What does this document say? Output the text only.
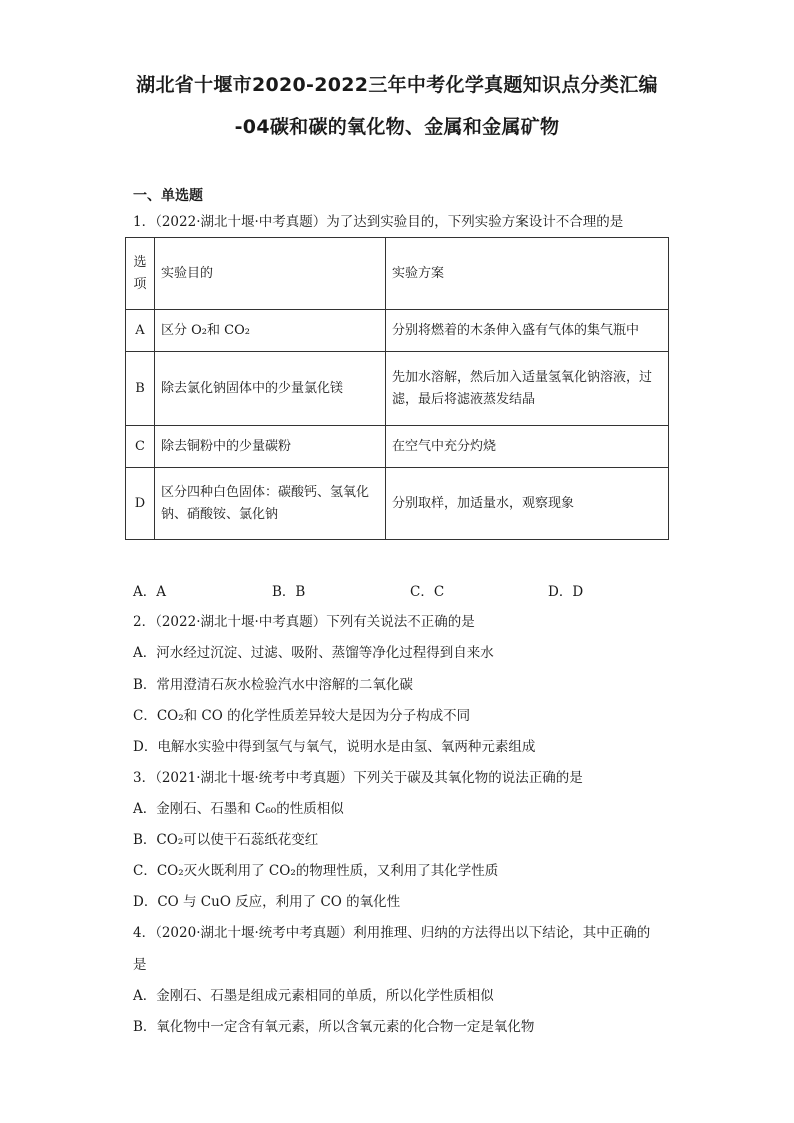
湖北省十堰市2020-2022三年中考化学真题知识点分类汇编
-04碳和碳的氧化物、金属和金属矿物
一、单选题
1．（2022·湖北十堰·中考真题）为了达到实验目的，下列实验方案设计不合理的是
选项	实验目的	实验方案
A	区分 O₂和 CO₂	分别将燃着的木条伸入盛有气体的集气瓶中
B	除去氯化钠固体中的少量氯化镁	先加水溶解，然后加入适量氢氧化钠溶液，过滤，最后将滤液蒸发结晶
C	除去铜粉中的少量碳粉	在空气中充分灼烧
D	区分四种白色固体：碳酸钙、氢氧化钠、硝酸铵、氯化钠	分别取样，加适量水，观察现象
A．A	B．B	C．C	D．D
2．（2022·湖北十堰·中考真题）下列有关说法不正确的是
A．河水经过沉淀、过滤、吸附、蒸馏等净化过程得到自来水
B．常用澄清石灰水检验汽水中溶解的二氧化碳
C．CO₂和 CO 的化学性质差异较大是因为分子构成不同
D．电解水实验中得到氢气与氧气，说明水是由氢、氧两种元素组成
3．（2021·湖北十堰·统考中考真题）下列关于碳及其氧化物的说法正确的是
A．金刚石、石墨和 C₆₀的性质相似
B．CO₂可以使干石蕊纸花变红
C．CO₂灭火既利用了 CO₂的物理性质，又利用了其化学性质
D．CO 与 CuO 反应，利用了 CO 的氧化性
4．（2020·湖北十堰·统考中考真题）利用推理、归纳的方法得出以下结论，其中正确的
是
A．金刚石、石墨是组成元素相同的单质，所以化学性质相似
B．氧化物中一定含有氧元素，所以含氧元素的化合物一定是氧化物
